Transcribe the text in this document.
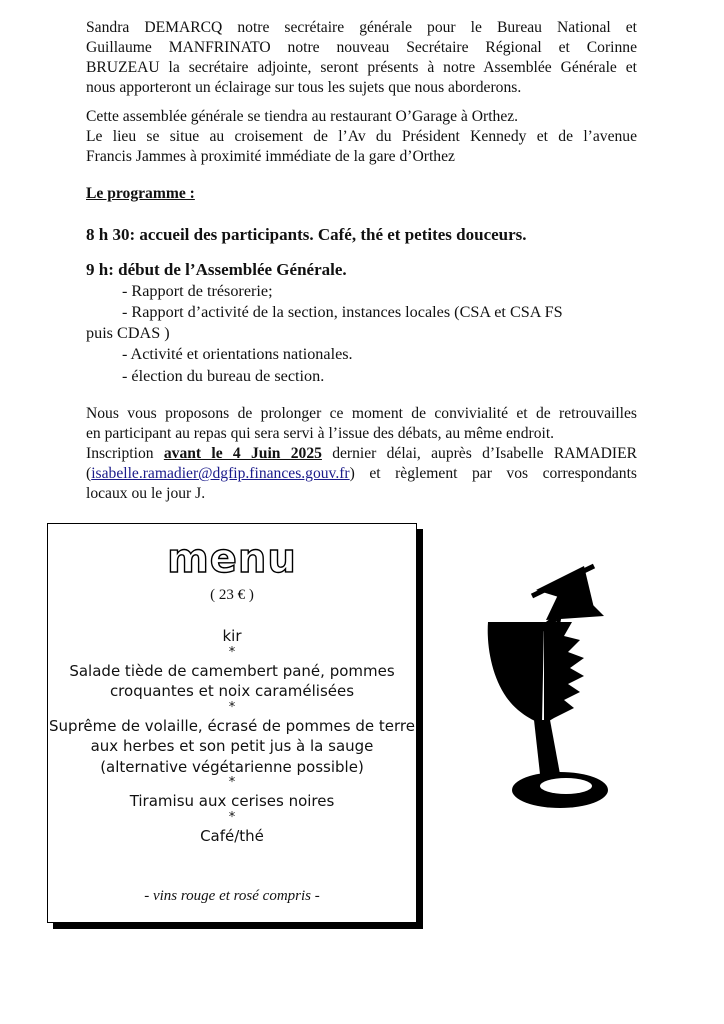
Sandra DEMARCQ notre secrétaire générale pour le Bureau National et
Guillaume MANFRINATO notre nouveau Secrétaire Régional et Corinne
BRUZEAU la secrétaire adjointe, seront présents à notre Assemblée Générale et
nous apporteront un éclairage sur tous les sujets que nous aborderons.
Cette assemblée générale se tiendra au restaurant O’Garage à Orthez.
Le lieu se situe au croisement de l’Av du Président Kennedy et de l’avenue
Francis Jammes à proximité immédiate de la gare d’Orthez
Le programme :
8 h 30: accueil des participants. Café, thé et petites douceurs.
9 h: début de l’Assemblée Générale.
- Rapport de trésorerie;
- Rapport d’activité de la section, instances locales (CSA et CSA FS
puis CDAS )
- Activité et orientations nationales.
- élection du bureau de section.
Nous vous proposons de prolonger ce moment de convivialité et de retrouvailles
en participant au repas qui sera servi à l’issue des débats, au même endroit.
Inscription avant le 4 Juin 2025 dernier délai, auprès d’Isabelle RAMADIER
(isabelle.ramadier@dgfip.finances.gouv.fr) et règlement par vos correspondants
locaux ou le jour J.
menu
( 23 € )
kir
*
Salade tiède de camembert pané, pommes
croquantes et noix caramélisées
*
Suprême de volaille, écrasé de pommes de terre
aux herbes et son petit jus à la sauge
(alternative végétarienne possible)
*
Tiramisu aux cerises noires
*
Café/thé
- vins rouge et rosé compris -
